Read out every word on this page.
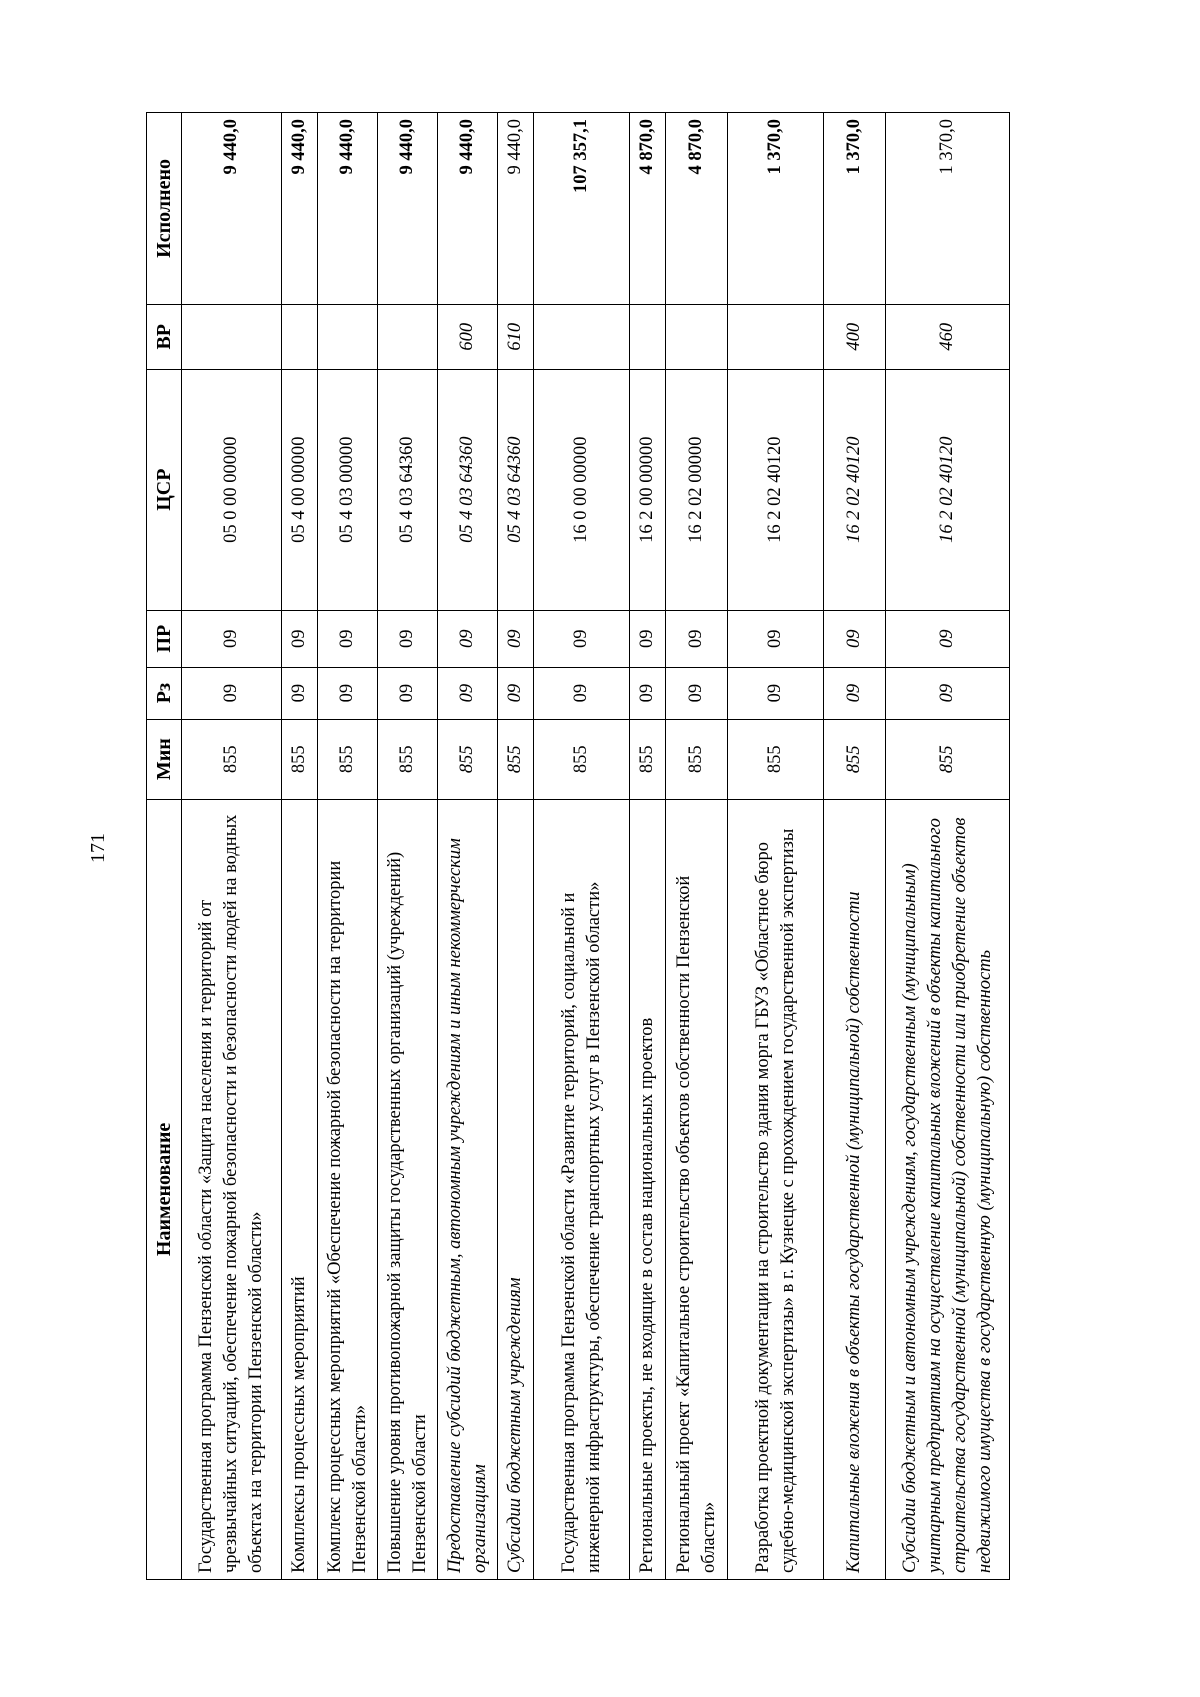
171
Наименование	Мин	Рз	ПР	ЦСР	ВР	Исполнено
Государственная программа Пензенской области «Защита населения и территорий от чрезвычайных ситуаций, обеспечение пожарной безопасности и безопасности людей на водных объектах на территории Пензенской области»	855	09	09	05 0 00 00000		9 440,0
Комплексы процессных мероприятий	855	09	09	05 4 00 00000		9 440,0
Комплекс процессных мероприятий «Обеспечение пожарной безопасности на территории Пензенской области»	855	09	09	05 4 03 00000		9 440,0
Повышение уровня противопожарной защиты государственных организаций (учреждений) Пензенской области	855	09	09	05 4 03 64360		9 440,0
Предоставление субсидий бюджетным, автономным учреждениям и иным некоммерческим организациям	855	09	09	05 4 03 64360	600	9 440,0
Субсидии бюджетным учреждениям	855	09	09	05 4 03 64360	610	9 440,0
Государственная программа Пензенской области «Развитие территорий, социальной и инженерной инфраструктуры, обеспечение транспортных услуг в Пензенской области»	855	09	09	16 0 00 00000		107 357,1
Региональные проекты, не входящие в состав национальных проектов	855	09	09	16 2 00 00000		4 870,0
Региональный проект «Капитальное строительство объектов собственности Пензенской области»	855	09	09	16 2 02 00000		4 870,0
Разработка проектной документации на строительство здания морга ГБУЗ «Областное бюро судебно-медицинской экспертизы» в г. Кузнецке с прохождением государственной экспертизы	855	09	09	16 2 02 40120		1 370,0
Капитальные вложения в объекты государственной (муниципальной) собственности	855	09	09	16 2 02 40120	400	1 370,0
Субсидии бюджетным и автономным учреждениям, государственным (муниципальным) унитарным предприятиям на осуществление капитальных вложений в объекты капитального строительства государственной (муниципальной) собственности или приобретение объектов недвижимого имущества в государственную (муниципальную) собственность	855	09	09	16 2 02 40120	460	1 370,0
